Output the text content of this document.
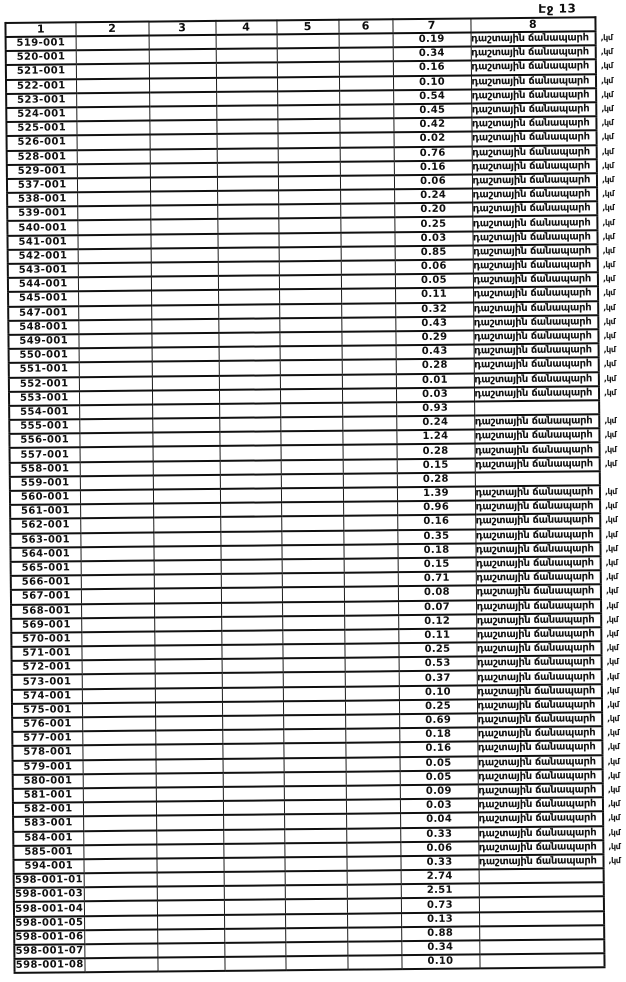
Էջ 13
1	2	3	4	5	6	7	8
519-001						0.19	դաշտային ճանապարհ ,կմ

520-001						0.34	դաշտային ճանապարհ ,կմ

521-001						0.16	դաշտային ճանապարհ ,կմ

522-001						0.10	դաշտային ճանապարհ ,կմ

523-001						0.54	դաշտային ճանապարհ ,կմ

524-001						0.45	դաշտային ճանապարհ ,կմ

525-001						0.42	դաշտային ճանապարհ ,կմ

526-001						0.02	դաշտային ճանապարհ ,կմ

528-001						0.76	դաշտային ճանապարհ ,կմ

529-001						0.16	դաշտային ճանապարհ ,կմ

537-001						0.06	դաշտային ճանապարհ ,կմ

538-001						0.24	դաշտային ճանապարհ ,կմ

539-001						0.20	դաշտային ճանապարհ ,կմ

540-001						0.25	դաշտային ճանապարհ ,կմ

541-001						0.03	դաշտային ճանապարհ ,կմ

542-001						0.85	դաշտային ճանապարհ ,կմ

543-001						0.06	դաշտային ճանապարհ ,կմ

544-001						0.05	դաշտային ճանապարհ ,կմ

545-001						0.11	դաշտային ճանապարհ ,կմ

547-001						0.32	դաշտային ճանապարհ ,կմ

548-001						0.43	դաշտային ճանապարհ ,կմ

549-001						0.29	դաշտային ճանապարհ ,կմ

550-001						0.43	դաշտային ճանապարհ ,կմ

551-001						0.28	դաշտային ճանապարհ ,կմ

552-001						0.01	դաշտային ճանապարհ ,կմ

553-001						0.03	դաշտային ճանապարհ ,կմ

554-001						0.93	
555-001						0.24	դաշտային ճանապարհ ,կմ

556-001						1.24	դաշտային ճանապարհ ,կմ

557-001						0.28	դաշտային ճանապարհ ,կմ

558-001						0.15	դաշտային ճանապարհ ,կմ

559-001						0.28	
560-001						1.39	դաշտային ճանապարհ ,կմ

561-001						0.96	դաշտային ճանապարհ ,կմ

562-001						0.16	դաշտային ճանապարհ ,կմ

563-001						0.35	դաշտային ճանապարհ ,կմ

564-001						0.18	դաշտային ճանապարհ ,կմ

565-001						0.15	դաշտային ճանապարհ ,կմ

566-001						0.71	դաշտային ճանապարհ ,կմ

567-001						0.08	դաշտային ճանապարհ ,կմ

568-001						0.07	դաշտային ճանապարհ ,կմ

569-001						0.12	դաշտային ճանապարհ ,կմ

570-001						0.11	դաշտային ճանապարհ ,կմ

571-001						0.25	դաշտային ճանապարհ ,կմ

572-001						0.53	դաշտային ճանապարհ ,կմ

573-001						0.37	դաշտային ճանապարհ ,կմ

574-001						0.10	դաշտային ճանապարհ ,կմ

575-001						0.25	դաշտային ճանապարհ ,կմ

576-001						0.69	դաշտային ճանապարհ ,կմ

577-001						0.18	դաշտային ճանապարհ ,կմ

578-001						0.16	դաշտային ճանապարհ ,կմ

579-001						0.05	դաշտային ճանապարհ ,կմ

580-001						0.05	դաշտային ճանապարհ ,կմ

581-001						0.09	դաշտային ճանապարհ ,կմ

582-001						0.03	դաշտային ճանապարհ ,կմ

583-001						0.04	դաշտային ճանապարհ ,կմ

584-001						0.33	դաշտային ճանապարհ ,կմ

585-001						0.06	դաշտային ճանապարհ ,կմ

594-001						0.33	դաշտային ճանապարհ ,կմ

598-001-01						2.74	
598-001-03						2.51	
598-001-04						0.73	
598-001-05						0.13	
598-001-06						0.88	
598-001-07						0.34	
598-001-08						0.10	
